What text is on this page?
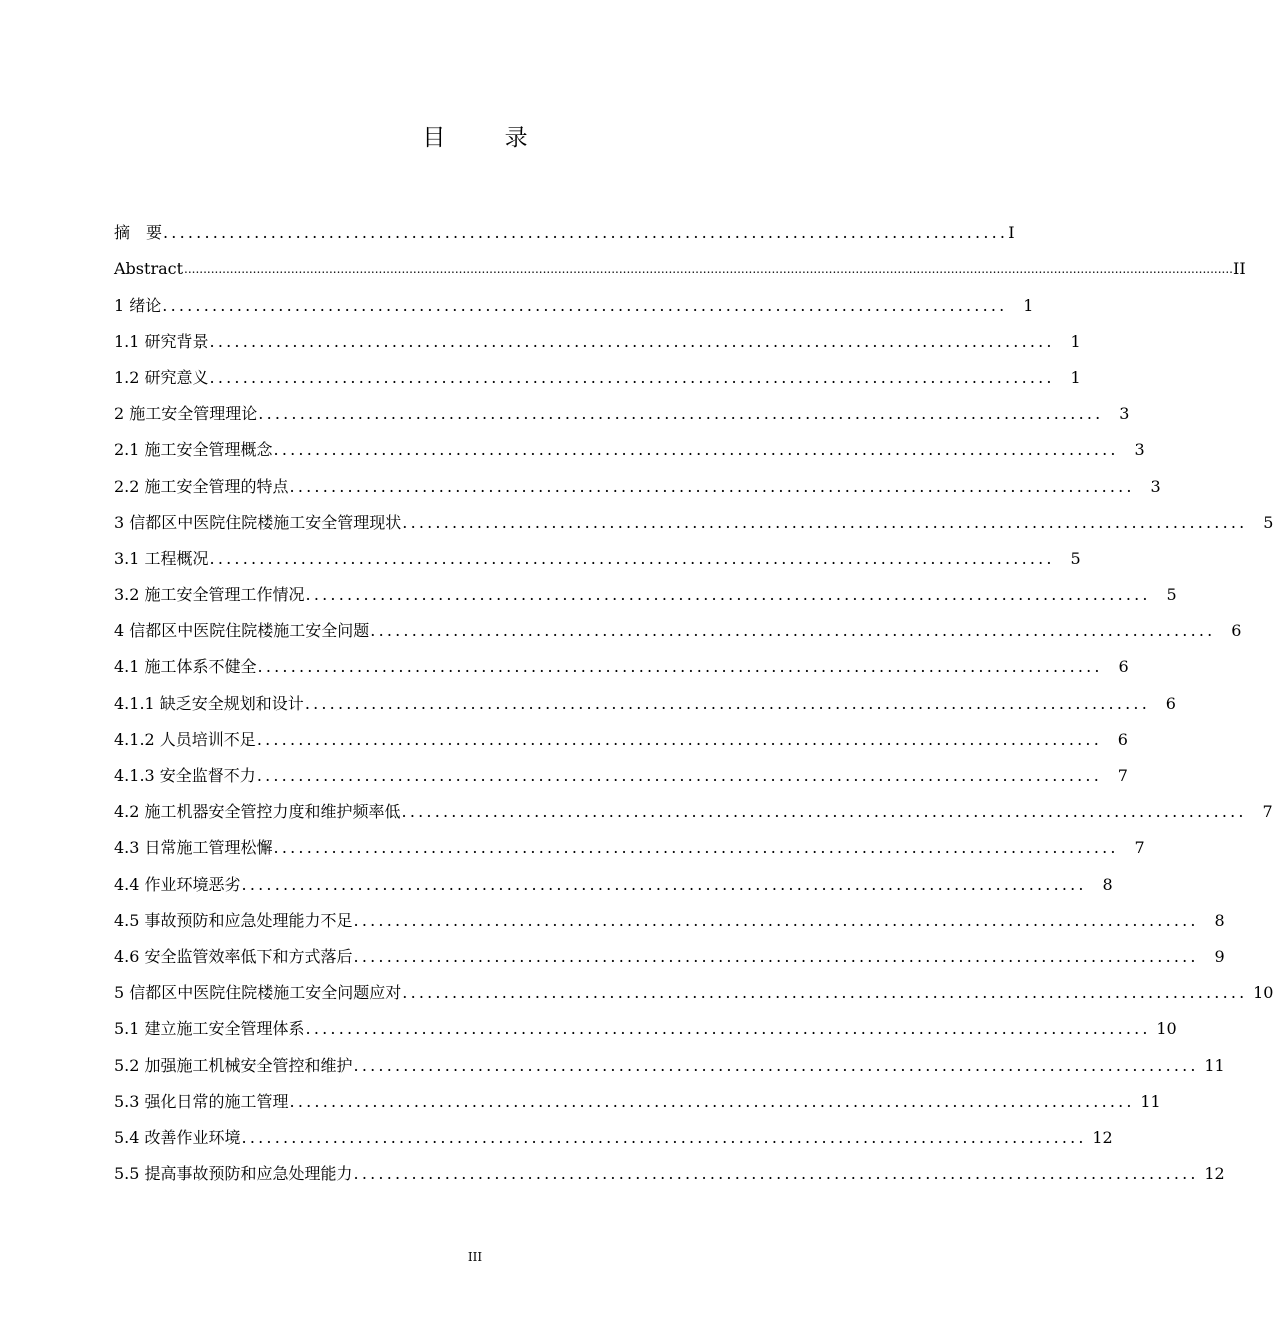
目 录
摘　要 ...................................................................................................... I
Abstract ................................................................................................................................................................................................................................................................................... II
1 绪论 ...................................................................................................... 1
1.1 研究背景 ...................................................................................................... 1
1.2 研究意义 ...................................................................................................... 1
2 施工安全管理理论 ...................................................................................................... 3
2.1 施工安全管理概念 ...................................................................................................... 3
2.2 施工安全管理的特点 ...................................................................................................... 3
3 信都区中医院住院楼施工安全管理现状 ...................................................................................................... 5
3.1 工程概况 ...................................................................................................... 5
3.2 施工安全管理工作情况 ...................................................................................................... 5
4 信都区中医院住院楼施工安全问题 ...................................................................................................... 6
4.1 施工体系不健全 ...................................................................................................... 6
4.1.1 缺乏安全规划和设计 ...................................................................................................... 6
4.1.2 人员培训不足 ...................................................................................................... 6
4.1.3 安全监督不力 ...................................................................................................... 7
4.2 施工机器安全管控力度和维护频率低 ...................................................................................................... 7
4.3 日常施工管理松懈 ...................................................................................................... 7
4.4 作业环境恶劣 ...................................................................................................... 8
4.5 事故预防和应急处理能力不足 ...................................................................................................... 8
4.6 安全监管效率低下和方式落后 ...................................................................................................... 9
5 信都区中医院住院楼施工安全问题应对 ...................................................................................................... 10
5.1 建立施工安全管理体系 ...................................................................................................... 10
5.2 加强施工机械安全管控和维护 ...................................................................................................... 11
5.3 强化日常的施工管理 ...................................................................................................... 11
5.4 改善作业环境 ...................................................................................................... 12
5.5 提高事故预防和应急处理能力 ...................................................................................................... 12
III
